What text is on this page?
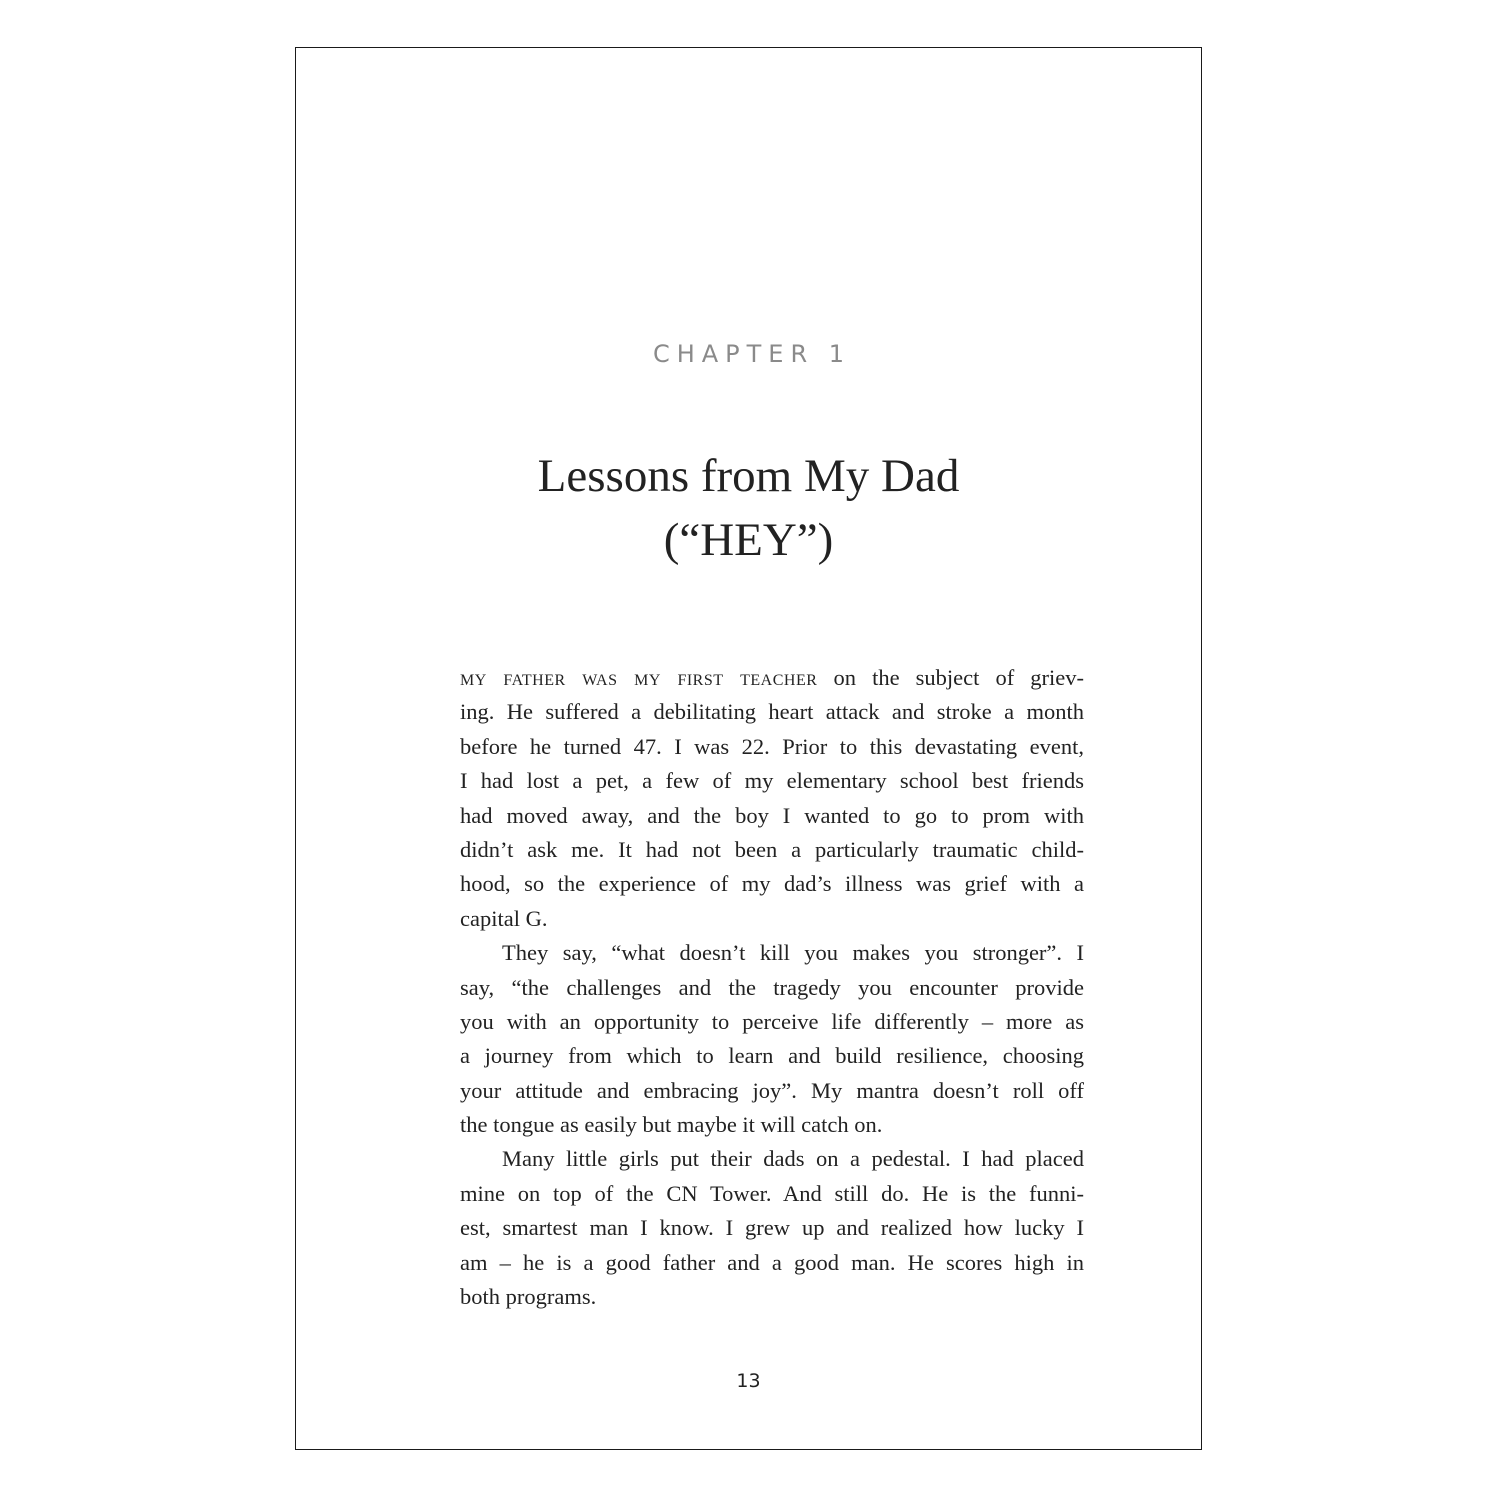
CHAPTER 1
Lessons from My Dad
(“HEY”)
my father was my first teacher on the subject of griev-
ing. He suffered a debilitating heart attack and stroke a month
before he turned 47. I was 22. Prior to this devastating event,
I had lost a pet, a few of my elementary school best friends
had moved away, and the boy I wanted to go to prom with
didn’t ask me. It had not been a particularly traumatic child-
hood, so the experience of my dad’s illness was grief with a
capital G.
They say, “what doesn’t kill you makes you stronger”. I
say, “the challenges and the tragedy you encounter provide
you with an opportunity to perceive life differently – more as
a journey from which to learn and build resilience, choosing
your attitude and embracing joy”. My mantra doesn’t roll off
the tongue as easily but maybe it will catch on.
Many little girls put their dads on a pedestal. I had placed
mine on top of the CN Tower. And still do. He is the funni-
est, smartest man I know. I grew up and realized how lucky I
am – he is a good father and a good man. He scores high in
both programs.
13
